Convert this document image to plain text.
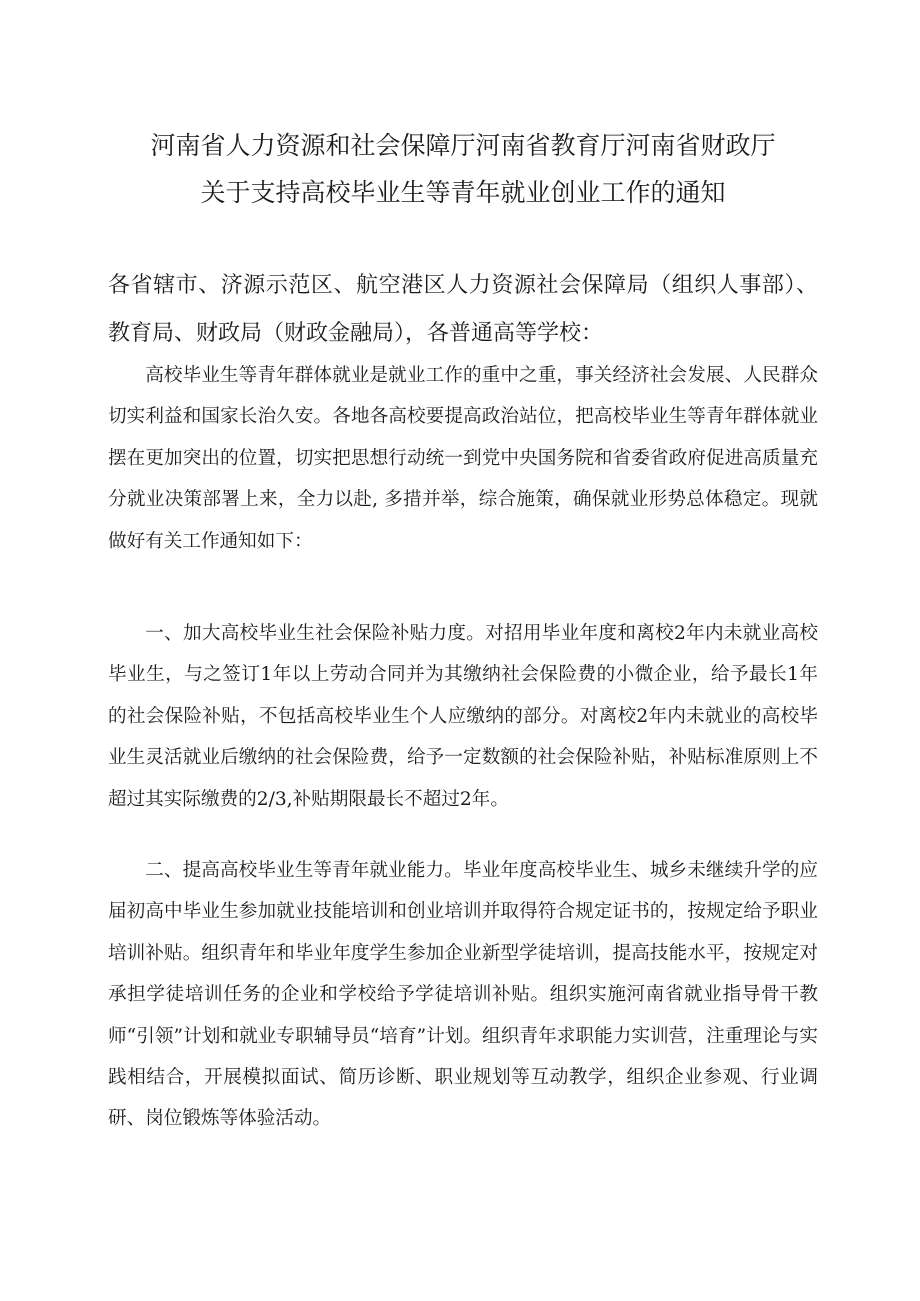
河南省人力资源和社会保障厅河南省教育厅河南省财政厅
关于支持高校毕业生等青年就业创业工作的通知

各省辖市、济源示范区、航空港区人力资源社会保障局（组织人事部）、教育局、财政局（财政金融局），各普通高等学校：

高校毕业生等青年群体就业是就业工作的重中之重，事关经济社会发展、人民群众切实利益和国家长治久安。各地各高校要提高政治站位，把高校毕业生等青年群体就业摆在更加突出的位置，切实把思想行动统一到党中央国务院和省委省政府促进高质量充分就业决策部署上来，全力以赴, 多措并举，综合施策，确保就业形势总体稳定。现就做好有关工作通知如下：

一、加大高校毕业生社会保险补贴力度。对招用毕业年度和离校2年内未就业高校毕业生，与之签订1年以上劳动合同并为其缴纳社会保险费的小微企业，给予最长1年的社会保险补贴，不包括高校毕业生个人应缴纳的部分。对离校2年内未就业的高校毕业生灵活就业后缴纳的社会保险费，给予一定数额的社会保险补贴，补贴标准原则上不超过其实际缴费的2/3,补贴期限最长不超过2年。

二、提高高校毕业生等青年就业能力。毕业年度高校毕业生、城乡未继续升学的应届初高中毕业生参加就业技能培训和创业培训并取得符合规定证书的，按规定给予职业培训补贴。组织青年和毕业年度学生参加企业新型学徒培训，提高技能水平，按规定对承担学徒培训任务的企业和学校给予学徒培训补贴。组织实施河南省就业指导骨干教师“引领”计划和就业专职辅导员“培育”计划。组织青年求职能力实训营，注重理论与实践相结合，开展模拟面试、简历诊断、职业规划等互动教学，组织企业参观、行业调研、岗位锻炼等体验活动。
